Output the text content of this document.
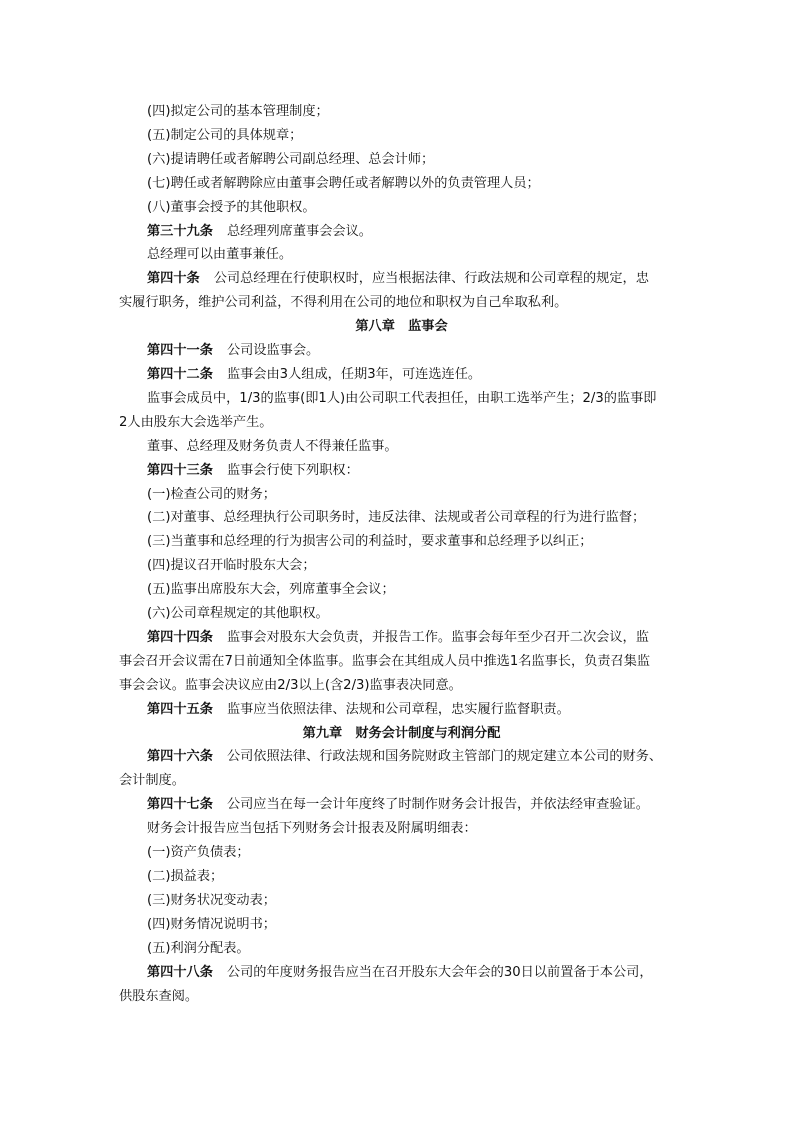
(四)拟定公司的基本管理制度；
(五)制定公司的具体规章；
(六)提请聘任或者解聘公司副总经理、总会计师；
(七)聘任或者解聘除应由董事会聘任或者解聘以外的负责管理人员；
(八)董事会授予的其他职权。
第三十九条 总经理列席董事会会议。
总经理可以由董事兼任。
第四十条 公司总经理在行使职权时，应当根据法律、行政法规和公司章程的规定，忠
实履行职务，维护公司利益，不得利用在公司的地位和职权为自己牟取私利。
第八章　监事会
第四十一条 公司设监事会。
第四十二条 监事会由3人组成，任期3年，可连选连任。
监事会成员中，1/3的监事(即1人)由公司职工代表担任，由职工选举产生；2/3的监事即
2人由股东大会选举产生。
董事、总经理及财务负责人不得兼任监事。
第四十三条 监事会行使下列职权：
(一)检查公司的财务；
(二)对董事、总经理执行公司职务时，违反法律、法规或者公司章程的行为进行监督；
(三)当董事和总经理的行为损害公司的利益时，要求董事和总经理予以纠正；
(四)提议召开临时股东大会；
(五)监事出席股东大会，列席董事全会议；
(六)公司章程规定的其他职权。
第四十四条 监事会对股东大会负责，并报告工作。监事会每年至少召开二次会议，监
事会召开会议需在7日前通知全体监事。监事会在其组成人员中推选1名监事长，负责召集监
事会会议。监事会决议应由2/3以上(含2/3)监事表决同意。
第四十五条 监事应当依照法律、法规和公司章程，忠实履行监督职责。
第九章　财务会计制度与利润分配
第四十六条 公司依照法律、行政法规和国务院财政主管部门的规定建立本公司的财务、
会计制度。
第四十七条 公司应当在每一会计年度终了时制作财务会计报告，并依法经审查验证。
财务会计报告应当包括下列财务会计报表及附属明细表：
(一)资产负债表；
(二)损益表；
(三)财务状况变动表；
(四)财务情况说明书；
(五)利润分配表。
第四十八条 公司的年度财务报告应当在召开股东大会年会的30日以前置备于本公司，
供股东查阅。
